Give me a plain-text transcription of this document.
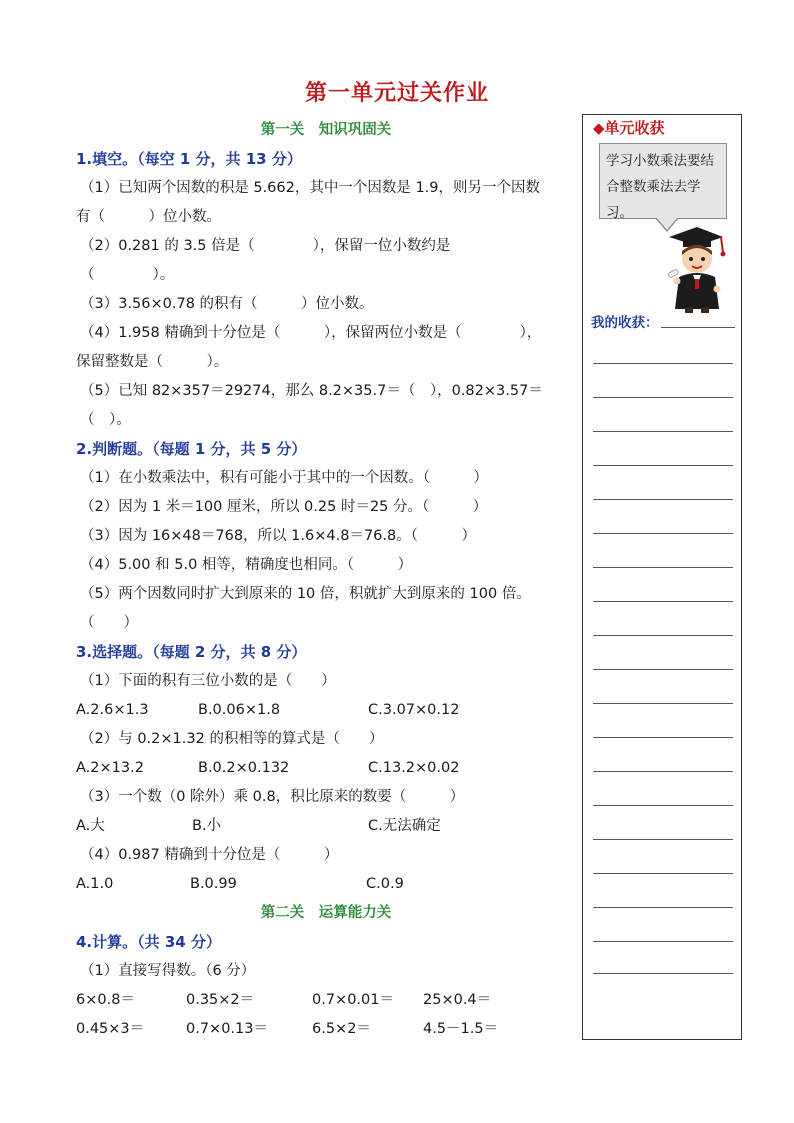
第一单元过关作业
第一关　知识巩固关
1.填空。（每空 1 分，共 13 分）
（1）已知两个因数的积是 5.662，其中一个因数是 1.9，则另一个因数
有（　　　）位小数。
（2）0.281 的 3.5 倍是（　　　　），保留一位小数约是
（　　　　）。
（3）3.56×0.78 的积有（　　　）位小数。
（4）1.958 精确到十分位是（　　　），保留两位小数是（　　　　），
保留整数是（　　　）。
（5）已知 82×357＝29274，那么 8.2×35.7＝（　），0.82×3.57＝
（　）。
2.判断题。（每题 1 分，共 5 分）
（1）在小数乘法中，积有可能小于其中的一个因数。（　　　）
（2）因为 1 米＝100 厘米，所以 0.25 时＝25 分。（　　　）
（3）因为 16×48＝768，所以 1.6×4.8＝76.8。（　　　）
（4）5.00 和 5.0 相等，精确度也相同。（　　　）
（5）两个因数同时扩大到原来的 10 倍，积就扩大到原来的 100 倍。
（　　）
3.选择题。（每题 2 分，共 8 分）
（1）下面的积有三位小数的是（　　）
A.2.6×1.3	B.0.06×1.8	C.3.07×0.12
（2）与 0.2×1.32 的积相等的算式是（　　）
A.2×13.2	B.0.2×0.132	C.13.2×0.02
（3）一个数（0 除外）乘 0.8，积比原来的数要（　　　）
A.大	B.小	C.无法确定
（4）0.987 精确到十分位是（　　　）
A.1.0	B.0.99	C.0.9
第二关　运算能力关
4.计算。（共 34 分）
（1）直接写得数。（6 分）
6×0.8＝	0.35×2＝	0.7×0.01＝ 25×0.4＝
0.45×3＝	0.7×0.13＝	6.5×2＝	4.5－1.5＝
◆单元收获
学习小数乘法要结
合整数乘法去学习。
我的收获：
